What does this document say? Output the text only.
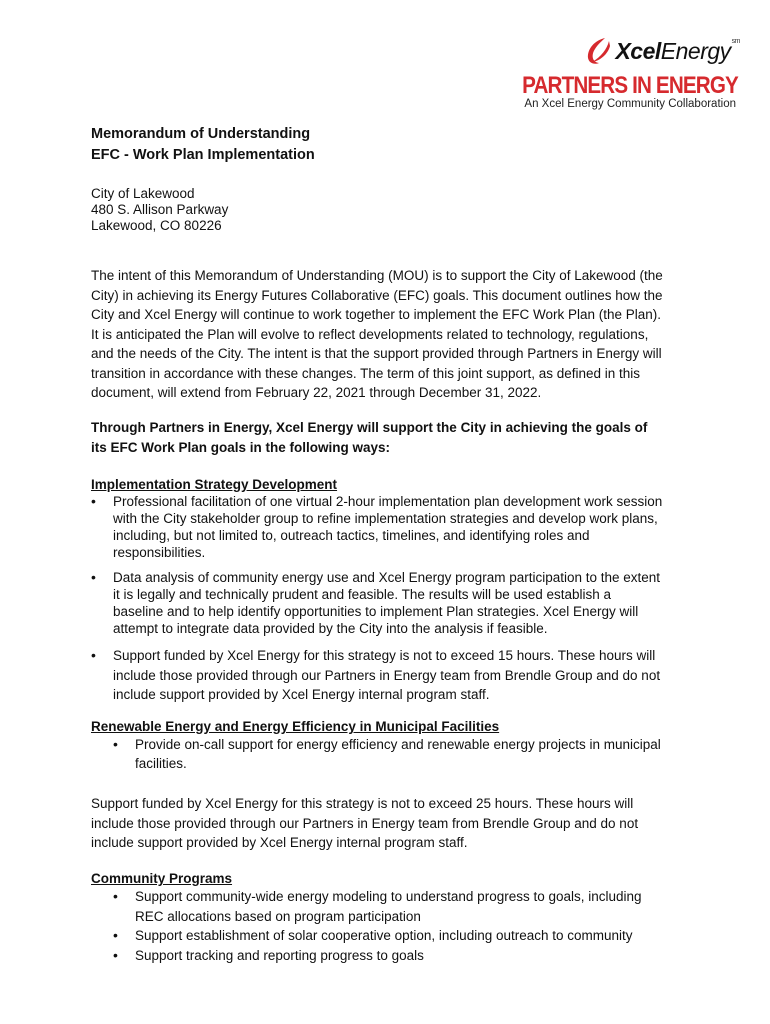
XcelEnergy$^{sm}$
PARTNERS IN ENERGY
An Xcel Energy Community Collaboration
Memorandum of Understanding
EFC - Work Plan Implementation
City of Lakewood
480 S. Allison Parkway
Lakewood, CO 80226
The intent of this Memorandum of Understanding (MOU) is to support the City of Lakewood (the
City) in achieving its Energy Futures Collaborative (EFC) goals. This document outlines how the
City and Xcel Energy will continue to work together to implement the EFC Work Plan (the Plan).
It is anticipated the Plan will evolve to reflect developments related to technology, regulations,
and the needs of the City. The intent is that the support provided through Partners in Energy will
transition in accordance with these changes. The term of this joint support, as defined in this
document, will extend from February 22, 2021 through December 31, 2022.
Through Partners in Energy, Xcel Energy will support the City in achieving the goals of
its EFC Work Plan goals in the following ways:
Implementation Strategy Development
• Professional facilitation of one virtual 2-hour implementation plan development work session
with the City stakeholder group to refine implementation strategies and develop work plans,
including, but not limited to, outreach tactics, timelines, and identifying roles and
responsibilities.
• Data analysis of community energy use and Xcel Energy program participation to the extent
it is legally and technically prudent and feasible. The results will be used establish a
baseline and to help identify opportunities to implement Plan strategies. Xcel Energy will
attempt to integrate data provided by the City into the analysis if feasible.
• Support funded by Xcel Energy for this strategy is not to exceed 15 hours. These hours will
include those provided through our Partners in Energy team from Brendle Group and do not
include support provided by Xcel Energy internal program staff.
Renewable Energy and Energy Efficiency in Municipal Facilities
• Provide on-call support for energy efficiency and renewable energy projects in municipal
facilities.
Support funded by Xcel Energy for this strategy is not to exceed 25 hours. These hours will
include those provided through our Partners in Energy team from Brendle Group and do not
include support provided by Xcel Energy internal program staff.
Community Programs
• Support community-wide energy modeling to understand progress to goals, including
REC allocations based on program participation
• Support establishment of solar cooperative option, including outreach to community
• Support tracking and reporting progress to goals
